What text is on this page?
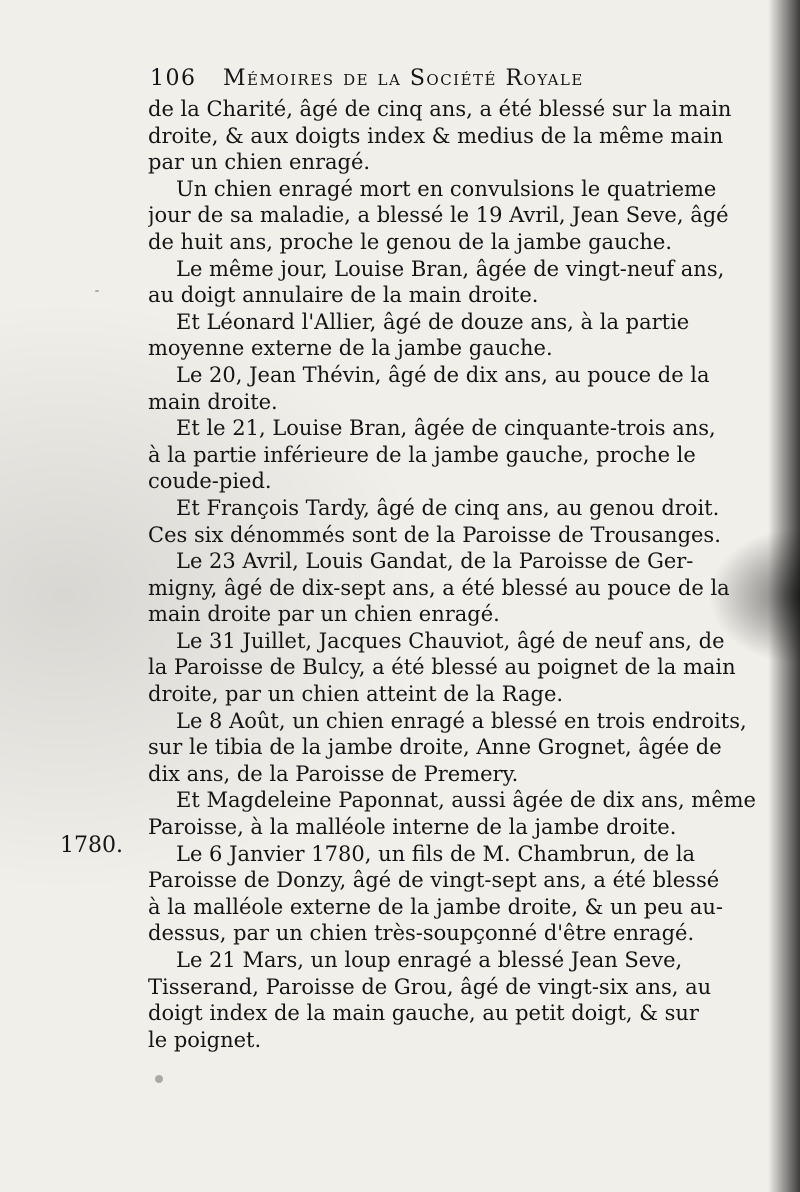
106 Mémoires de la Société Royale
1780.
de la Charité, âgé de cinq ans, a été blessé sur la main
droite, & aux doigts index & medius de la même main
par un chien enragé.
Un chien enragé mort en convulsions le quatrieme
jour de sa maladie, a blessé le 19 Avril, Jean Seve, âgé
de huit ans, proche le genou de la jambe gauche.
Le même jour, Louise Bran, âgée de vingt-neuf ans,
au doigt annulaire de la main droite.
Et Léonard l'Allier, âgé de douze ans, à la partie
moyenne externe de la jambe gauche.
Le 20, Jean Thévin, âgé de dix ans, au pouce de la
main droite.
Et le 21, Louise Bran, âgée de cinquante-trois ans,
à la partie inférieure de la jambe gauche, proche le
coude-pied.
Et François Tardy, âgé de cinq ans, au genou droit.
Ces six dénommés sont de la Paroisse de Trousanges.
Le 23 Avril, Louis Gandat, de la Paroisse de Ger-
migny, âgé de dix-sept ans, a été blessé au pouce de la
main droite par un chien enragé.
Le 31 Juillet, Jacques Chauviot, âgé de neuf ans, de
la Paroisse de Bulcy, a été blessé au poignet de la main
droite, par un chien atteint de la Rage.
Le 8 Août, un chien enragé a blessé en trois endroits,
sur le tibia de la jambe droite, Anne Grognet, âgée de
dix ans, de la Paroisse de Premery.
Et Magdeleine Paponnat, aussi âgée de dix ans, même
Paroisse, à la malléole interne de la jambe droite.
Le 6 Janvier 1780, un fils de M. Chambrun, de la
Paroisse de Donzy, âgé de vingt-sept ans, a été blessé
à la malléole externe de la jambe droite, & un peu au-
dessus, par un chien très-soupçonné d'être enragé.
Le 21 Mars, un loup enragé a blessé Jean Seve,
Tisserand, Paroisse de Grou, âgé de vingt-six ans, au
doigt index de la main gauche, au petit doigt, & sur
le poignet.
